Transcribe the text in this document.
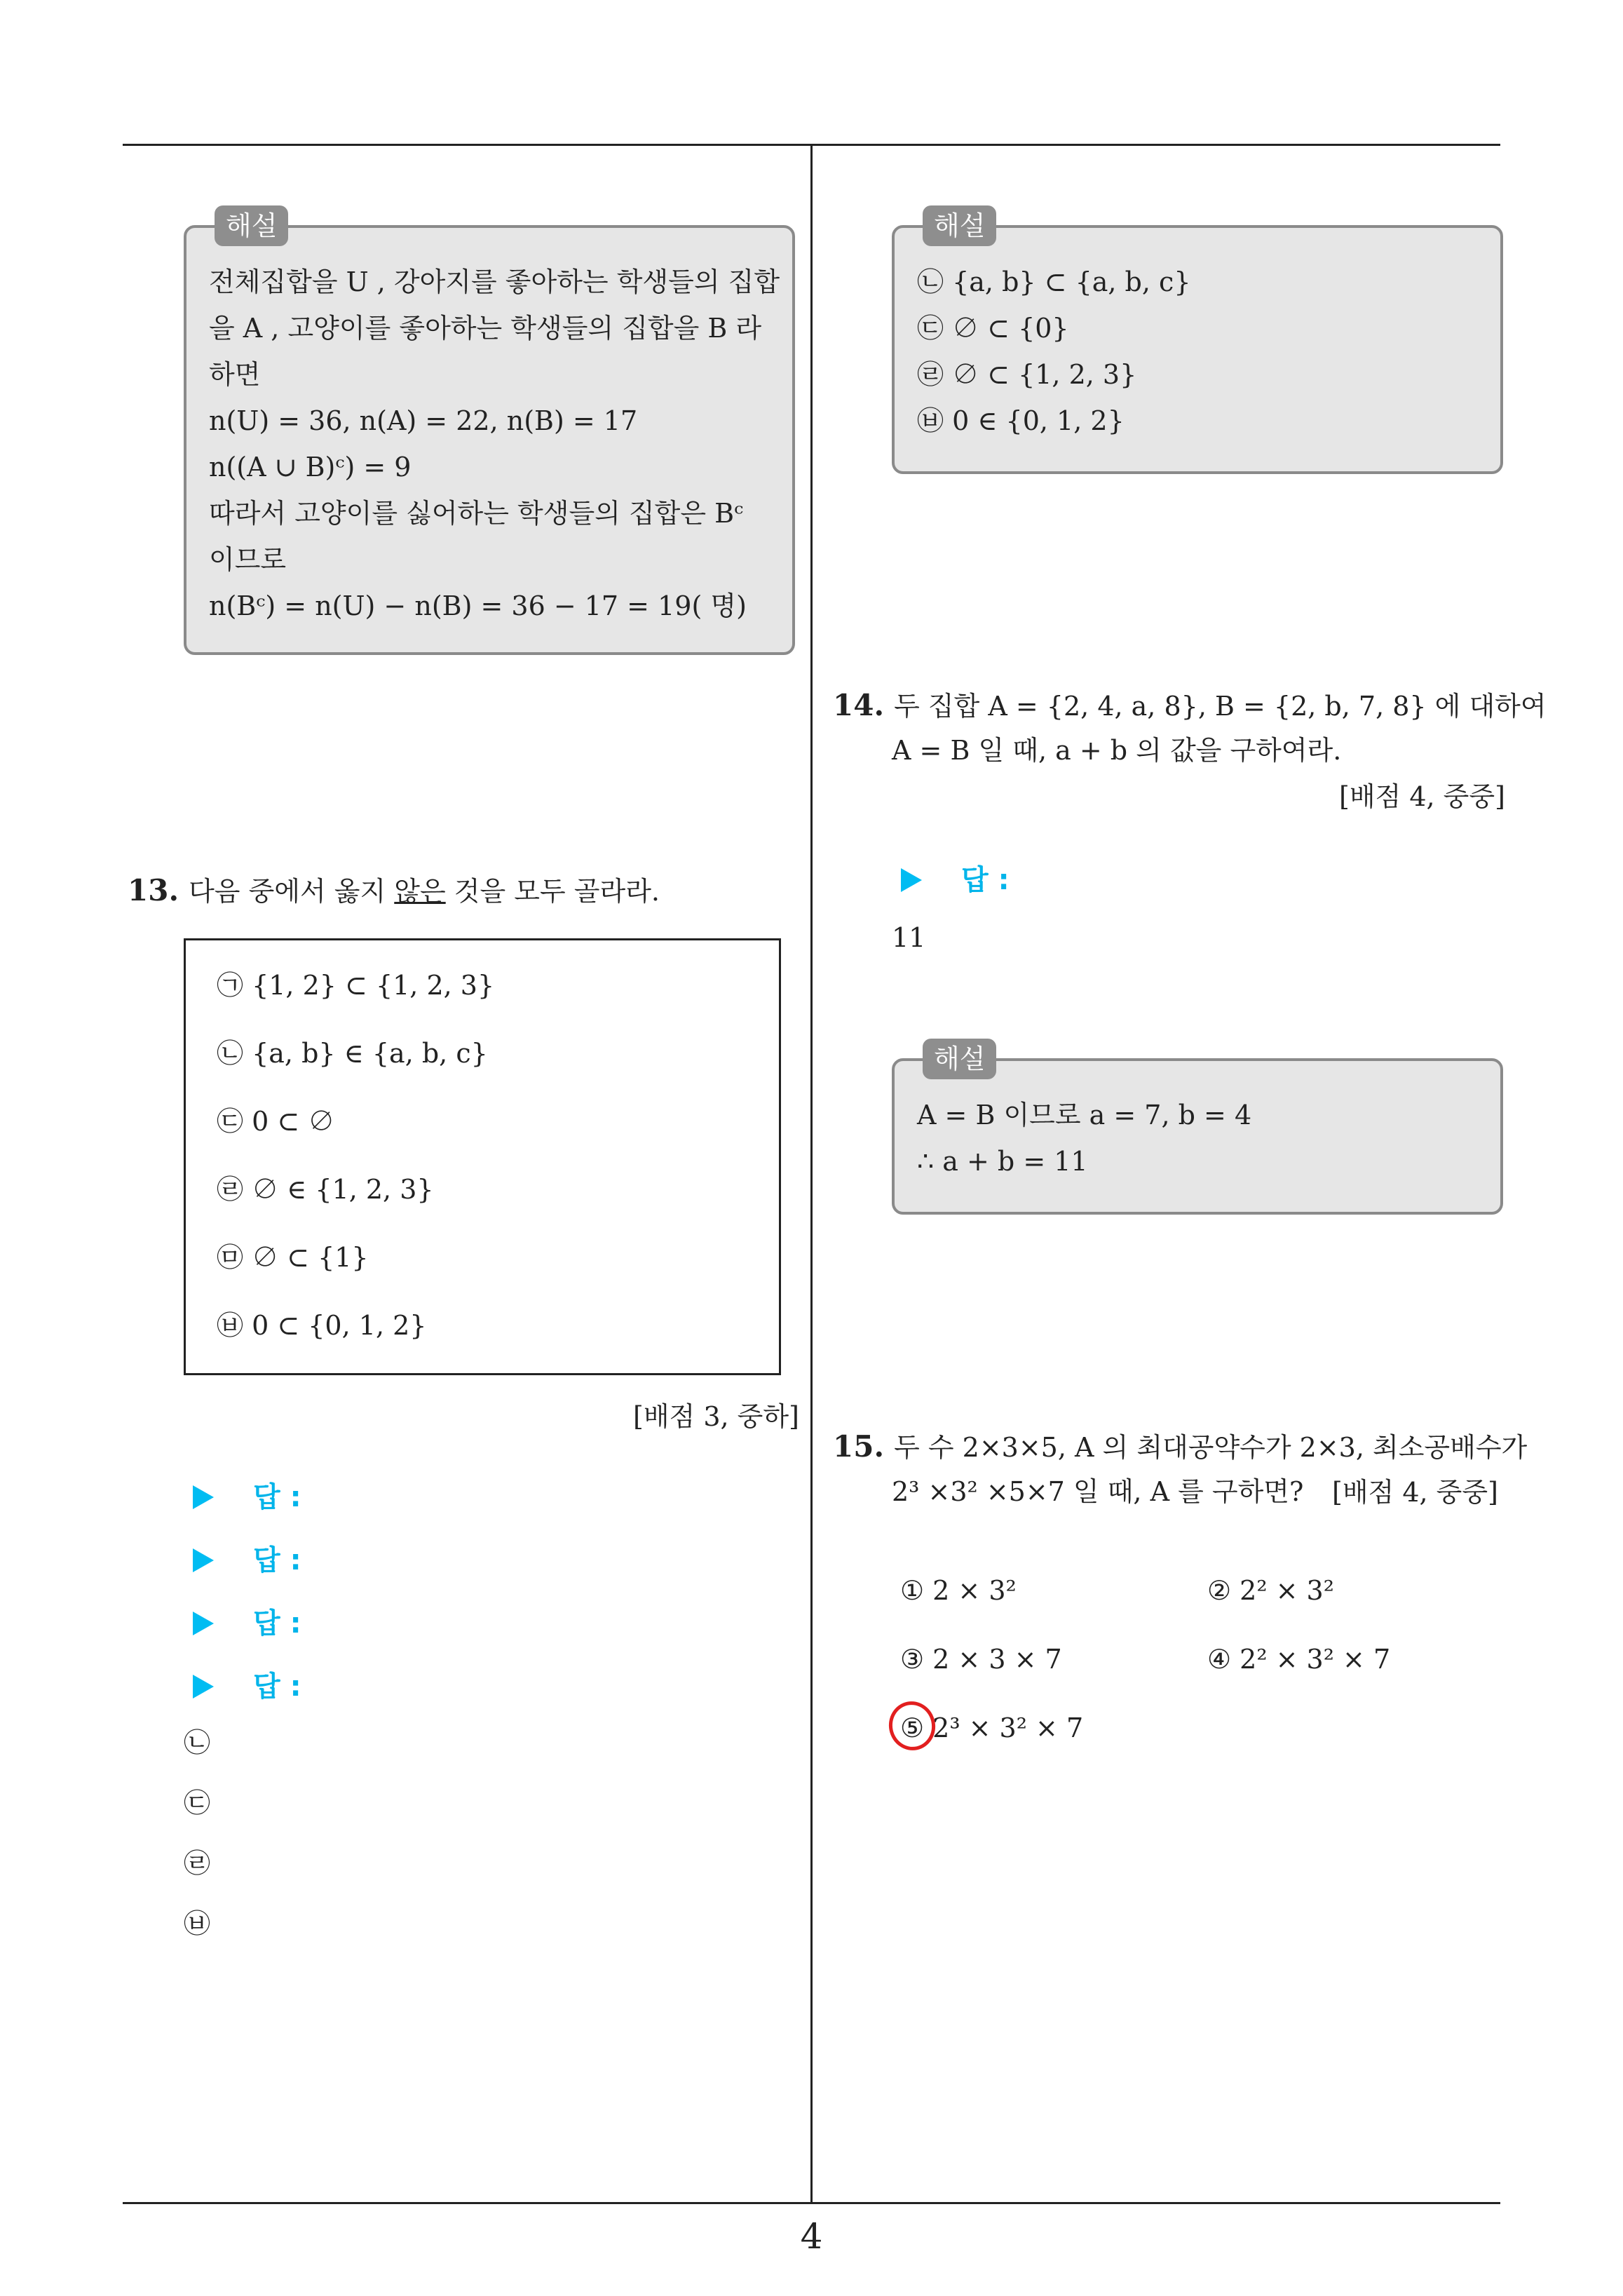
해설
전체집합을 U , 강아지를 좋아하는 학생들의 집합
을 A , 고양이를 좋아하는 학생들의 집합을 B 라
하면
n(U) = 36, n(A) = 22, n(B) = 17
n((A ∪ B)ᶜ) = 9
따라서 고양이를 싫어하는 학생들의 집합은 Bᶜ
이므로
n(Bᶜ) = n(U) − n(B) = 36 − 17 = 19( 명)
13. 다음 중에서 옳지 않은 것을 모두 골라라.
㉠ {1, 2} ⊂ {1, 2, 3}
㉡ {a, b} ∈ {a, b, c}
㉢ 0 ⊂ ∅
㉣ ∅ ∈ {1, 2, 3}
㉤ ∅ ⊂ {1}
㉥ 0 ⊂ {0, 1, 2}
[배점 3, 중하]
답 :
답 :
답 :
답 :
㉡
㉢
㉣
㉥
해설
㉡ {a, b} ⊂ {a, b, c}
㉢ ∅ ⊂ {0}
㉣ ∅ ⊂ {1, 2, 3}
㉥ 0 ∈ {0, 1, 2}
14. 두 집합 A = {2, 4, a, 8}, B = {2, b, 7, 8} 에 대하여
A = B 일 때, a + b 의 값을 구하여라.
[배점 4, 중중]
답 :
11
해설
A = B 이므로 a = 7, b = 4
∴ a + b = 11
15. 두 수 2×3×5, A 의 최대공약수가 2×3, 최소공배수가
2³ ×3² ×5×7 일 때, A 를 구하면? [배점 4, 중중]
① 2 × 3²	② 2² × 3²
③ 2 × 3 × 7	④ 2² × 3² × 7
⑤ 2³ × 3² × 7
4
